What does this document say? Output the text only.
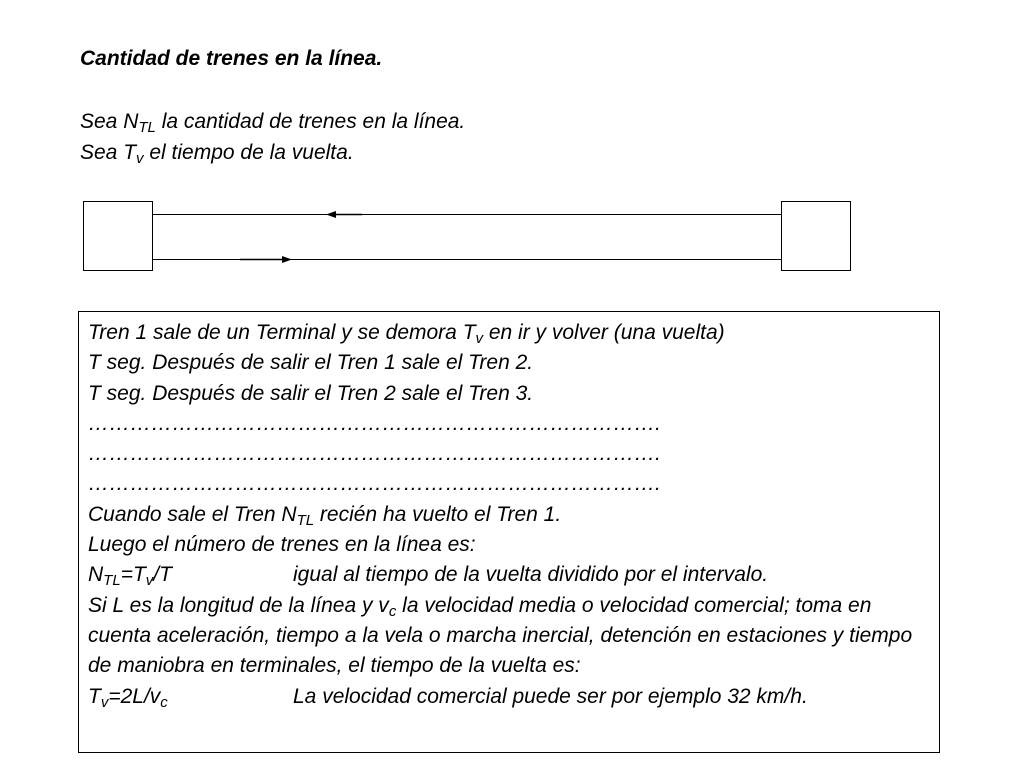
Cantidad de trenes en la línea.
Sea $N_{TL}$ la cantidad de trenes en la línea.
Sea $T_v$ el tiempo de la vuelta.
Tren 1 sale de un Terminal y se demora $T_v$ en ir y volver (una vuelta)
T seg. Después de salir el Tren 1 sale el Tren 2.
T seg. Después de salir el Tren 2 sale el Tren 3.
……………………………………………………………………….
……………………………………………………………………….
……………………………………………………………………….
Cuando sale el Tren $N_{TL}$ recién ha vuelto el Tren 1.
Luego el número de trenes en la línea es:
$N_{TL}=T_v/T$	igual al tiempo de la vuelta dividido por el intervalo.
Si L es la longitud de la línea y $v_c$ la velocidad media o velocidad comercial; toma en cuenta aceleración, tiempo a la vela o marcha inercial, detención en estaciones y tiempo de maniobra en terminales, el tiempo de la vuelta es:
$T_v=2L/v_c$	La velocidad comercial puede ser por ejemplo 32 km/h.
